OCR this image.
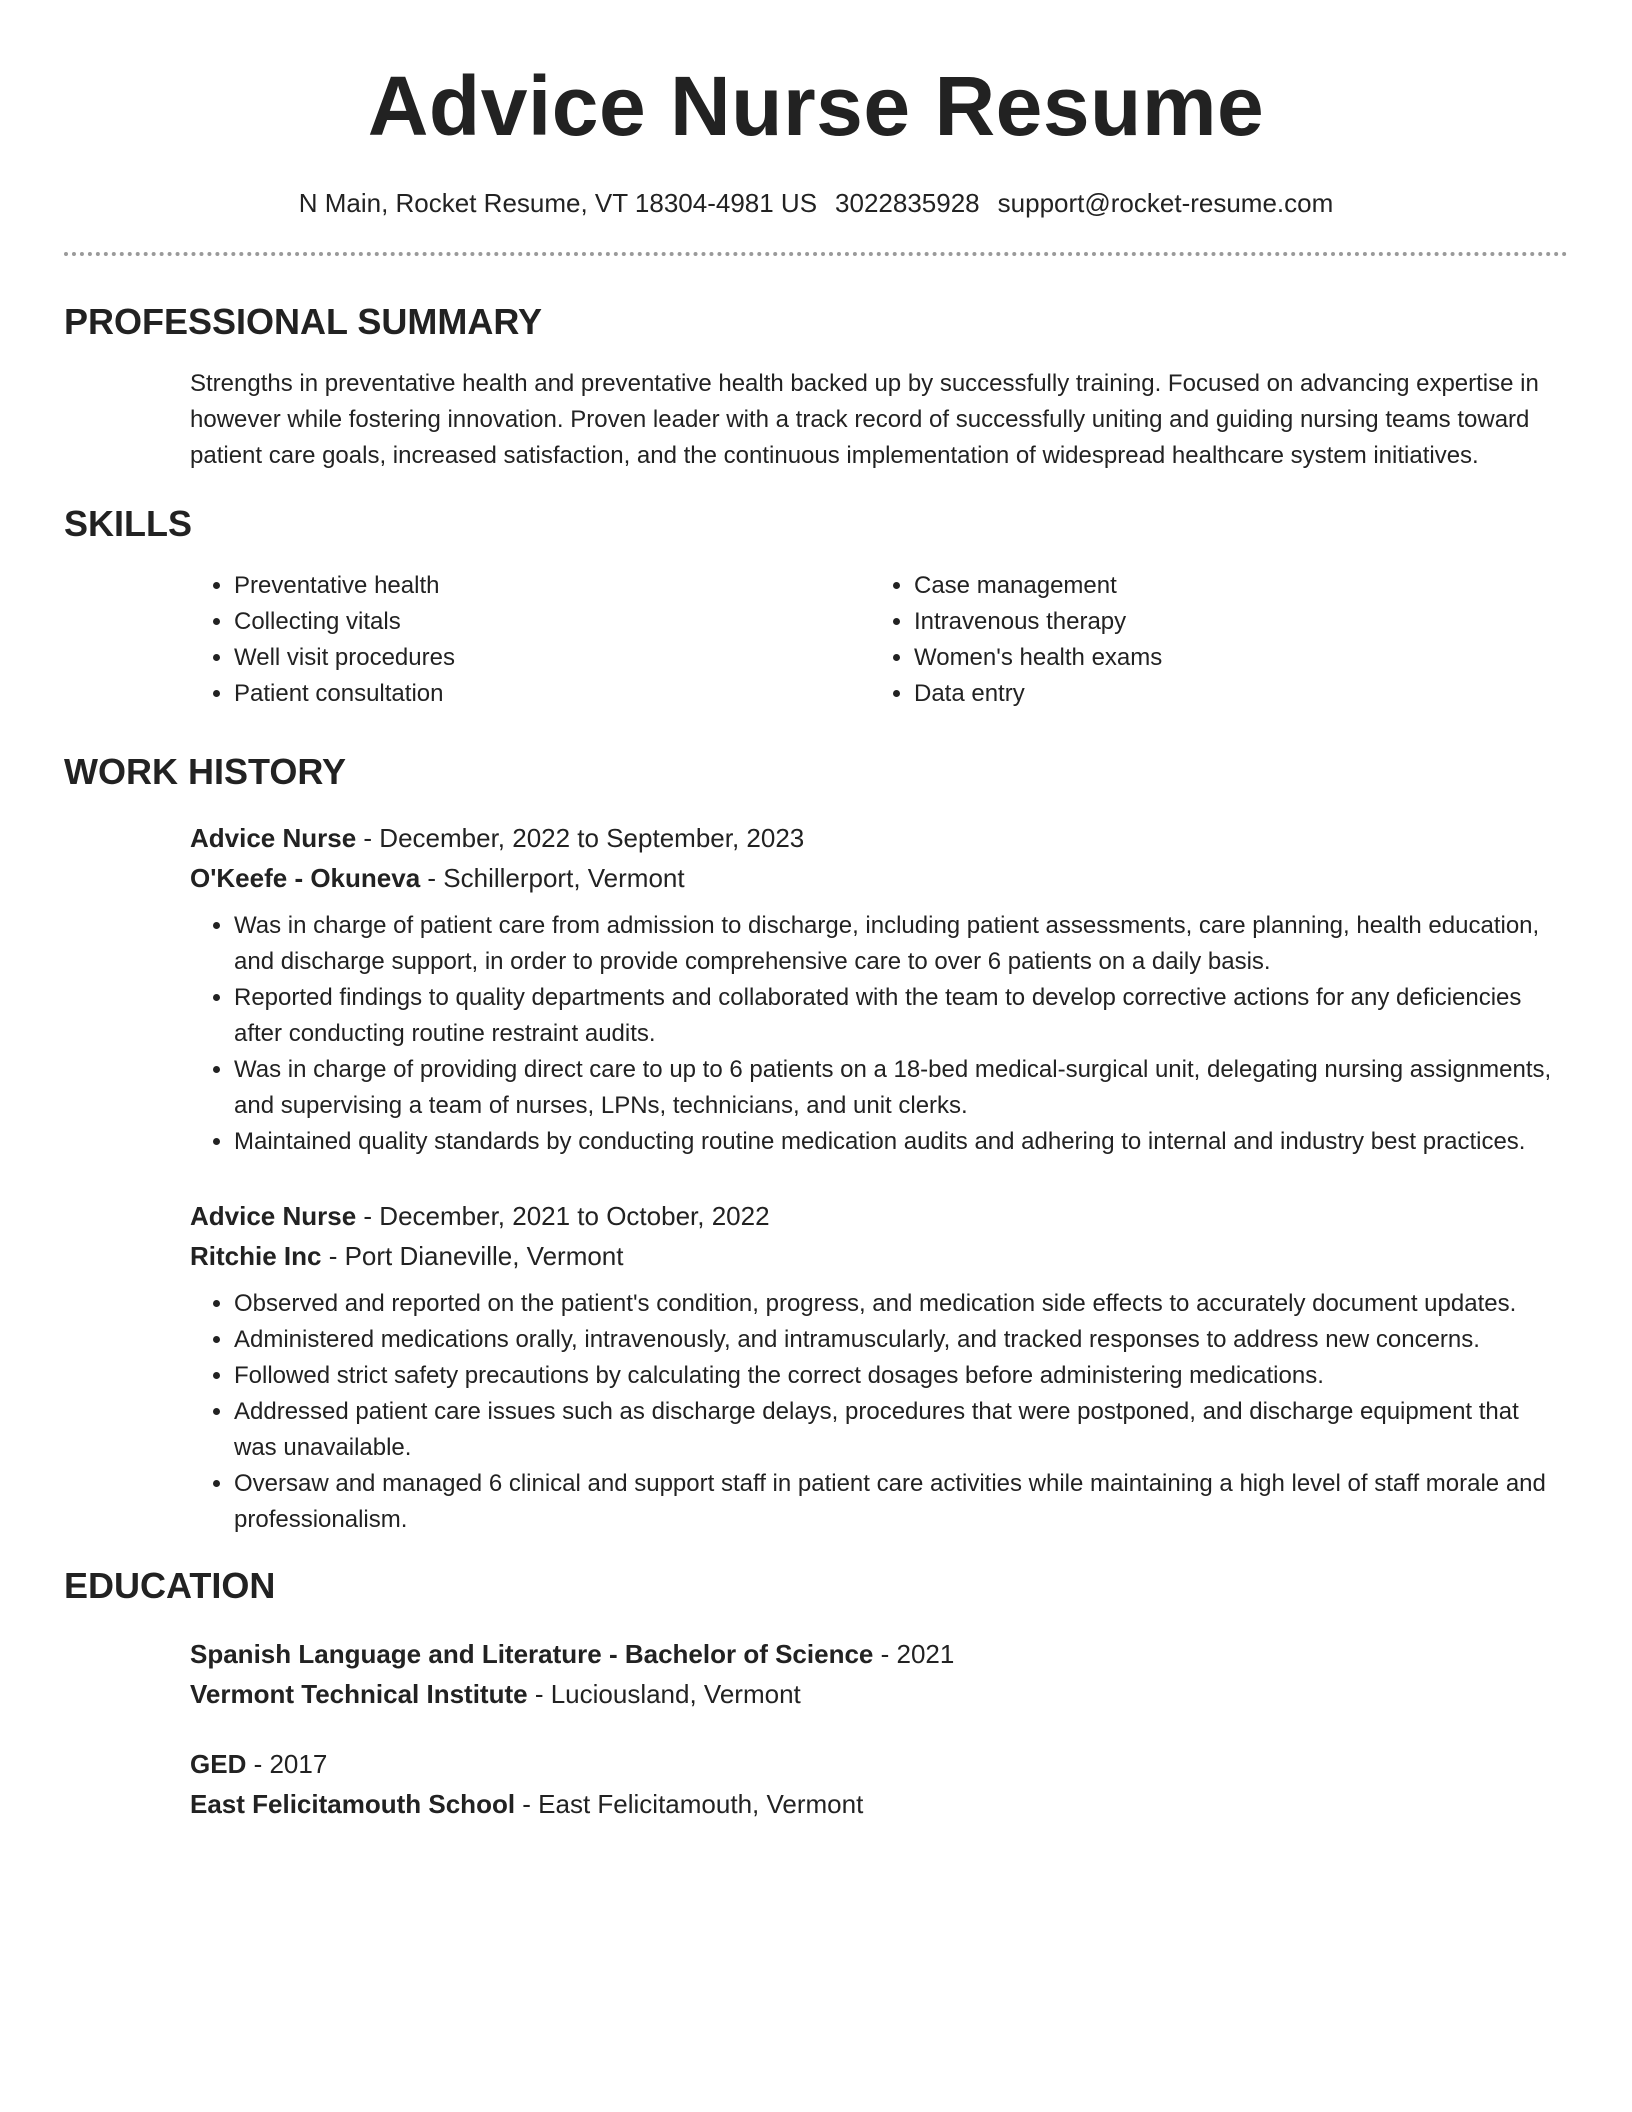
Advice Nurse Resume
N Main, Rocket Resume, VT 18304-4981 US 3022835928 support@rocket-resume.com
PROFESSIONAL SUMMARY
Strengths in preventative health and preventative health backed up by successfully training. Focused on advancing expertise in however while fostering innovation. Proven leader with a track record of successfully uniting and guiding nursing teams toward patient care goals, increased satisfaction, and the continuous implementation of widespread healthcare system initiatives.
SKILLS
• Preventative health
• Collecting vitals
• Well visit procedures
• Patient consultation
• Case management
• Intravenous therapy
• Women's health exams
• Data entry
WORK HISTORY
Advice Nurse - December, 2022 to September, 2023
O'Keefe - Okuneva - Schillerport, Vermont
• Was in charge of patient care from admission to discharge, including patient assessments, care planning, health education, and discharge support, in order to provide comprehensive care to over 6 patients on a daily basis.
• Reported findings to quality departments and collaborated with the team to develop corrective actions for any deficiencies after conducting routine restraint audits.
• Was in charge of providing direct care to up to 6 patients on a 18-bed medical-surgical unit, delegating nursing assignments, and supervising a team of nurses, LPNs, technicians, and unit clerks.
• Maintained quality standards by conducting routine medication audits and adhering to internal and industry best practices.
Advice Nurse - December, 2021 to October, 2022
Ritchie Inc - Port Dianeville, Vermont
• Observed and reported on the patient's condition, progress, and medication side effects to accurately document updates.
• Administered medications orally, intravenously, and intramuscularly, and tracked responses to address new concerns.
• Followed strict safety precautions by calculating the correct dosages before administering medications.
• Addressed patient care issues such as discharge delays, procedures that were postponed, and discharge equipment that was unavailable.
• Oversaw and managed 6 clinical and support staff in patient care activities while maintaining a high level of staff morale and professionalism.
EDUCATION
Spanish Language and Literature - Bachelor of Science - 2021
Vermont Technical Institute - Luciousland, Vermont
GED - 2017
East Felicitamouth School - East Felicitamouth, Vermont
